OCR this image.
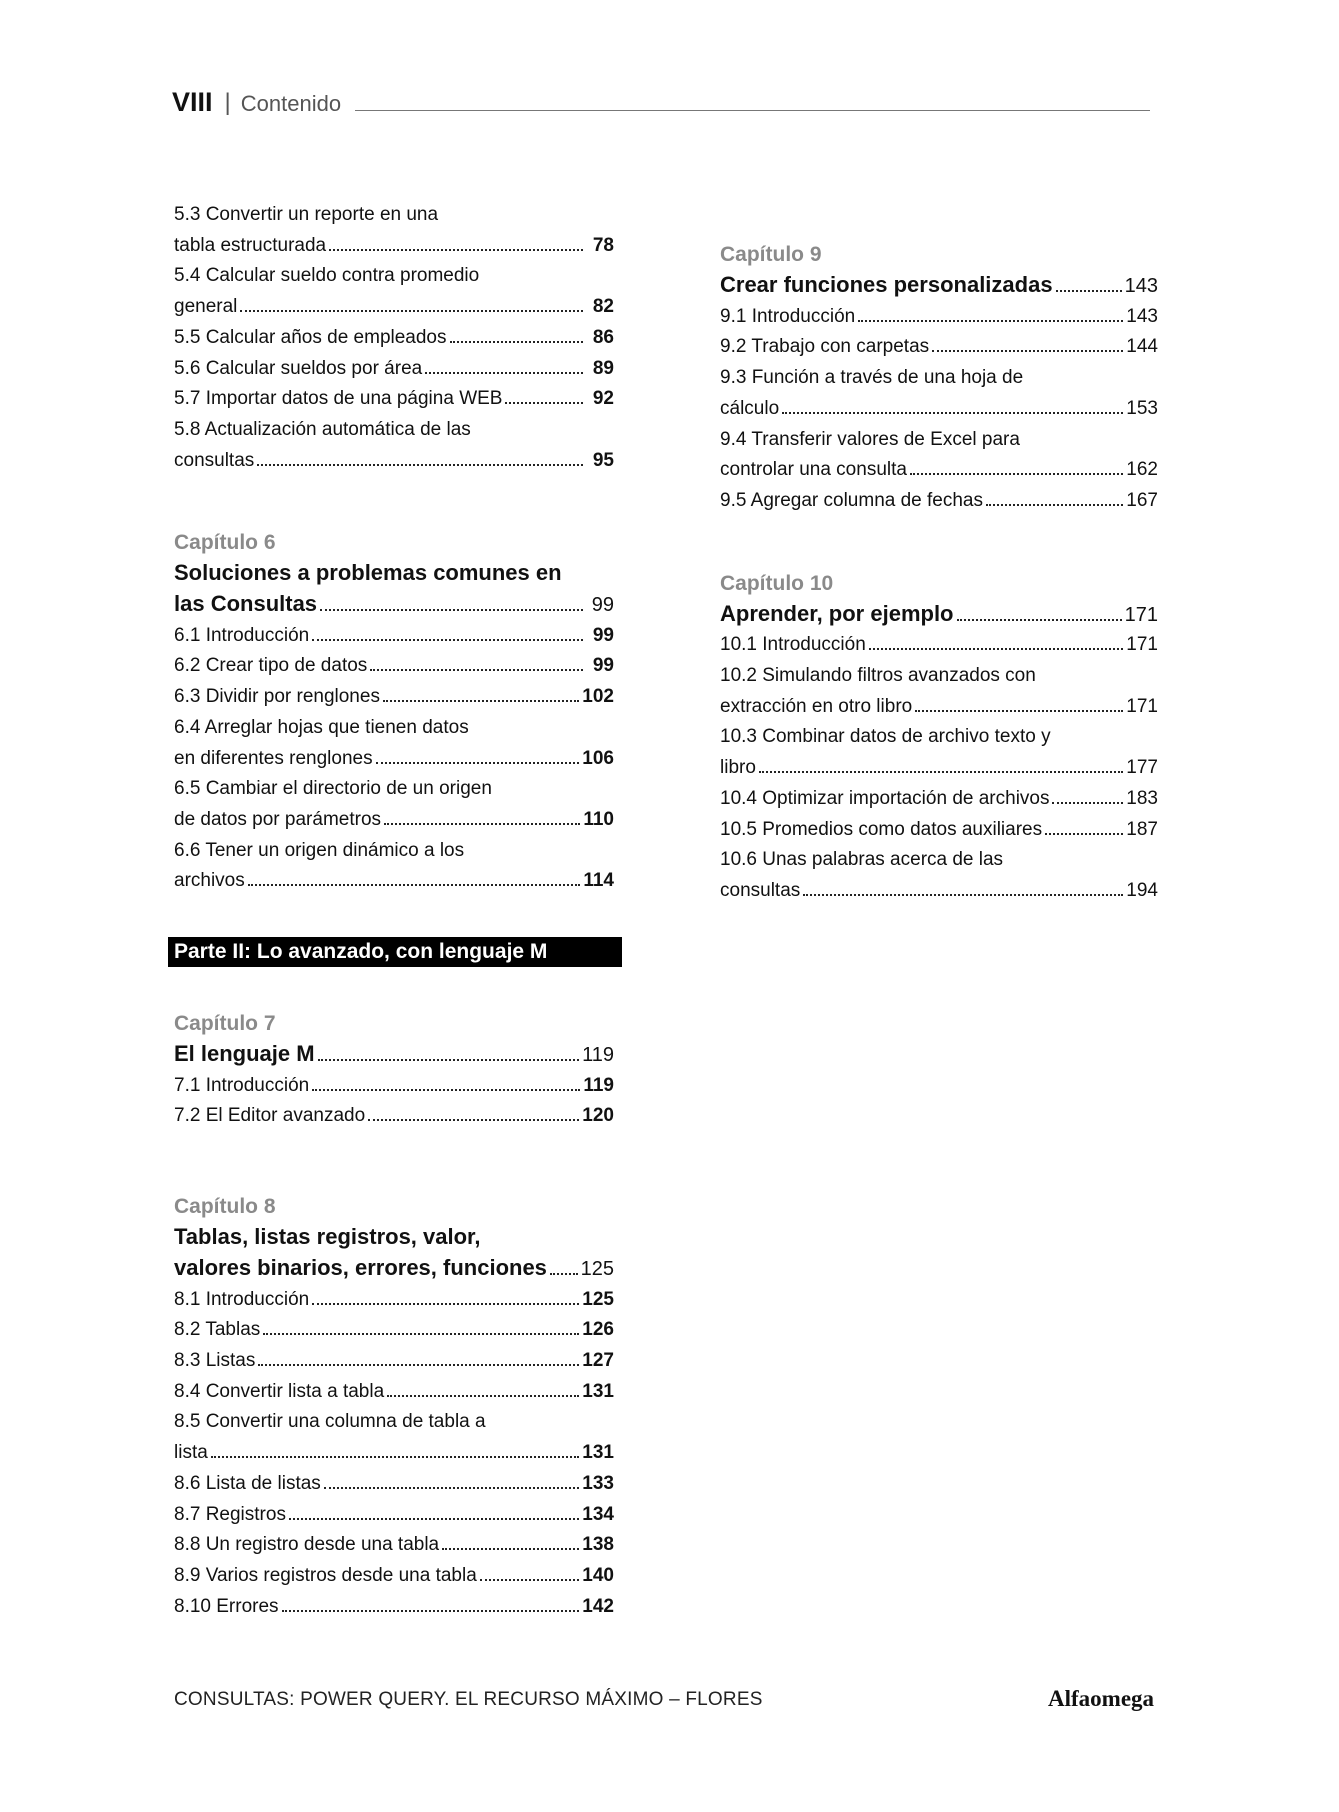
VIII | Contenido
5.3 Convertir un reporte en una
tabla estructurada	78
5.4 Calcular sueldo contra promedio
general	82
5.5 Calcular años de empleados	86
5.6 Calcular sueldos por área	89
5.7 Importar datos de una página WEB	92
5.8 Actualización automática de las
consultas	95
Capítulo 6
Soluciones a problemas comunes en
las Consultas	99
6.1 Introducción	99
6.2 Crear tipo de datos	99
6.3 Dividir por renglones	102
6.4 Arreglar hojas que tienen datos
en diferentes renglones	106
6.5 Cambiar el directorio de un origen
de datos por parámetros	110
6.6 Tener un origen dinámico a los
archivos	114
Parte II: Lo avanzado, con lenguaje M
Capítulo 7
El lenguaje M	119
7.1 Introducción	119
7.2 El Editor avanzado	120
Capítulo 8
Tablas, listas registros, valor,
valores binarios, errores, funciones 125
8.1 Introducción	125
8.2 Tablas	126
8.3 Listas	127
8.4 Convertir lista a tabla	131
8.5 Convertir una columna de tabla a
lista	131
8.6 Lista de listas	133
8.7 Registros	134
8.8 Un registro desde una tabla	138
8.9 Varios registros desde una tabla	140
8.10 Errores	142
Capítulo 9
Crear funciones personalizadas	143
9.1 Introducción	143
9.2 Trabajo con carpetas	144
9.3 Función a través de una hoja de
cálculo	153
9.4 Transferir valores de Excel para
controlar una consulta	162
9.5 Agregar columna de fechas	167
Capítulo 10
Aprender, por ejemplo	171
10.1 Introducción	171
10.2 Simulando filtros avanzados con
extracción en otro libro	171
10.3 Combinar datos de archivo texto y
libro	177
10.4 Optimizar importación de archivos	183
10.5 Promedios como datos auxiliares	187
10.6 Unas palabras acerca de las
consultas	194
CONSULTAS: POWER QUERY. EL RECURSO MÁXIMO – FLORES	Alfaomega
